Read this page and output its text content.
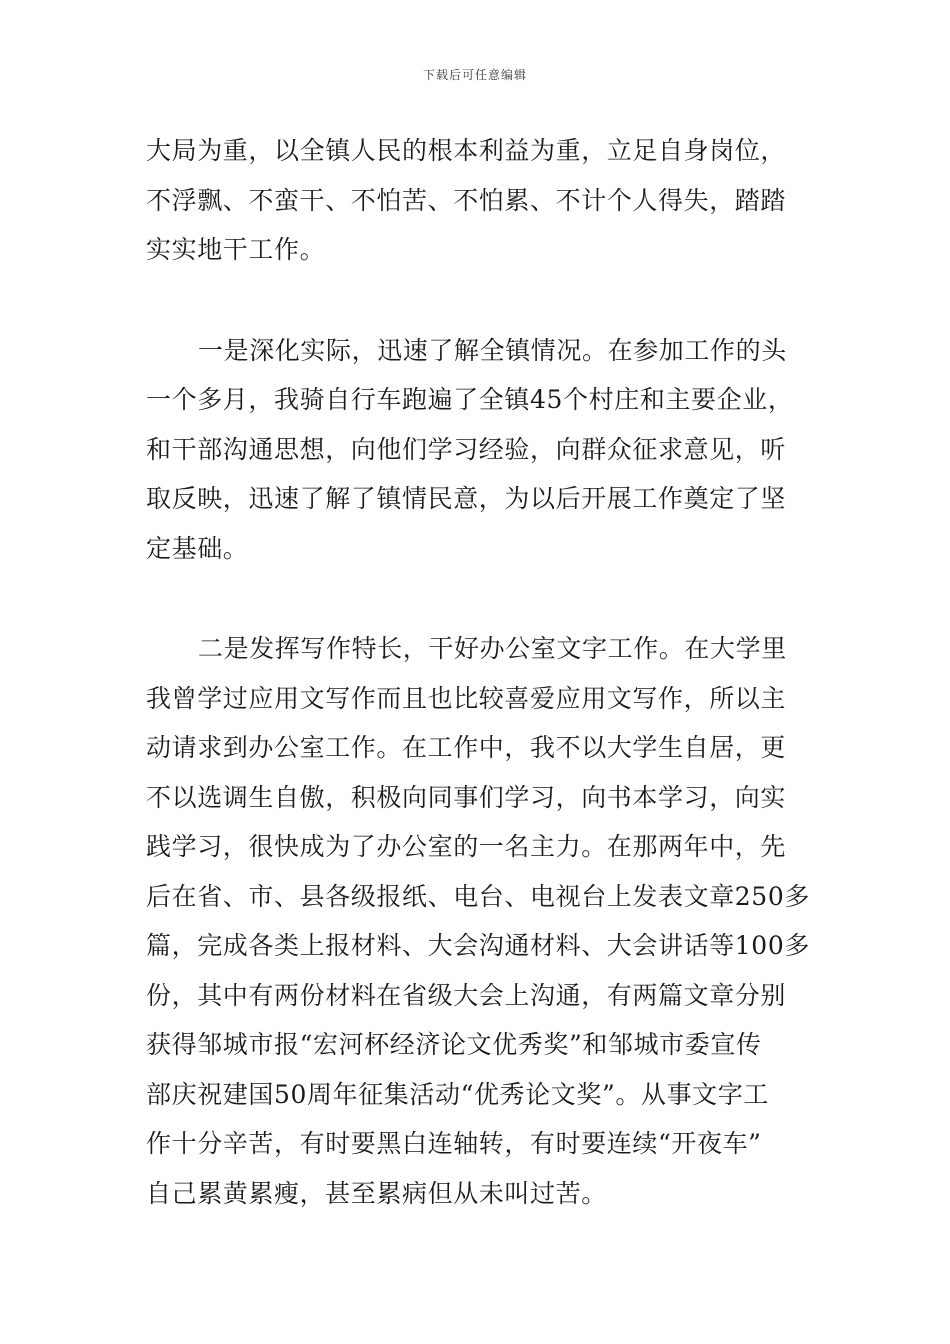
下载后可任意编辑
大局为重，以全镇人民的根本利益为重，立足自身岗位，
不浮飘、不蛮干、不怕苦、不怕累、不计个人得失，踏踏
实实地干工作。
一是深化实际，迅速了解全镇情况。在参加工作的头
一个多月，我骑自行车跑遍了全镇45个村庄和主要企业，
和干部沟通思想，向他们学习经验，向群众征求意见，听
取反映，迅速了解了镇情民意，为以后开展工作奠定了坚
定基础。
二是发挥写作特长，干好办公室文字工作。在大学里
我曾学过应用文写作而且也比较喜爱应用文写作，所以主
动请求到办公室工作。在工作中，我不以大学生自居，更
不以选调生自傲，积极向同事们学习，向书本学习，向实
践学习，很快成为了办公室的一名主力。在那两年中，先
后在省、市、县各级报纸、电台、电视台上发表文章250多
篇，完成各类上报材料、大会沟通材料、大会讲话等100多
份，其中有两份材料在省级大会上沟通，有两篇文章分别
获得邹城市报“宏河杯经济论文优秀奖”和邹城市委宣传
部庆祝建国50周年征集活动“优秀论文奖”。从事文字工
作十分辛苦，有时要黑白连轴转，有时要连续“开夜车”
自己累黄累瘦，甚至累病但从未叫过苦。
